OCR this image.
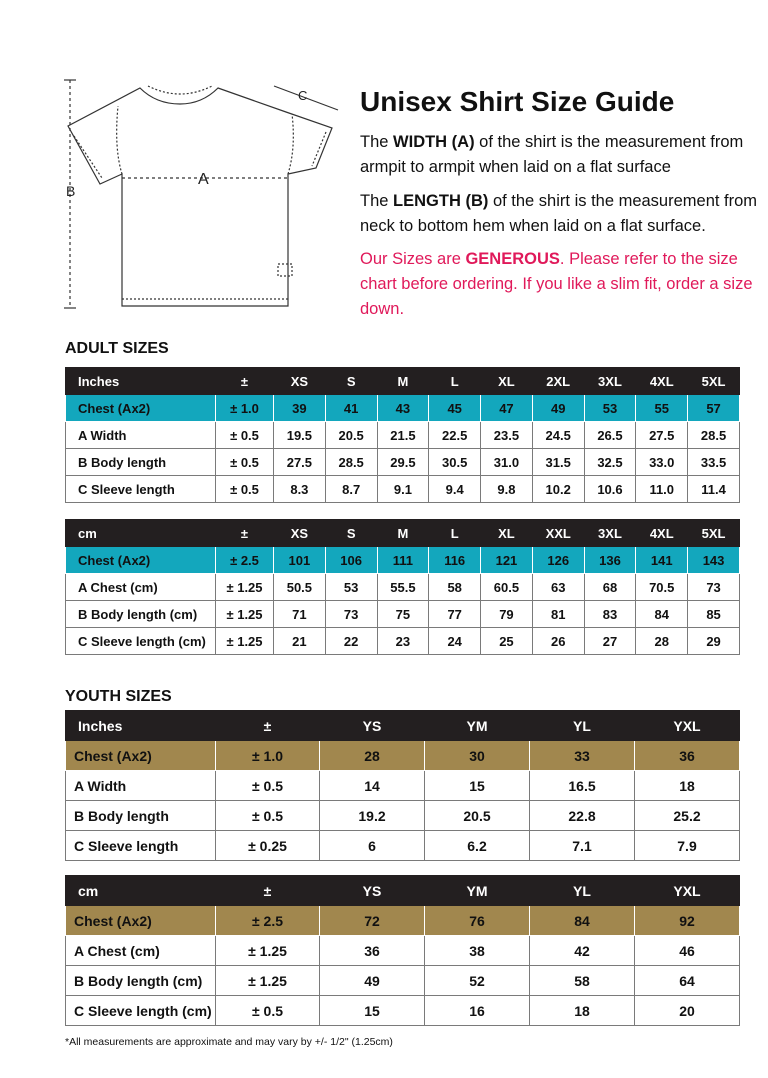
A
B
C Unisex Shirt Size Guide

The WIDTH (A) of the shirt is the measurement from armpit to armpit when laid on a flat surface

The LENGTH (B) of the shirt is the measurement from neck to bottom hem when laid on a flat surface.

Our Sizes are GENEROUS. Please refer to the size chart before ordering. If you like a slim fit, order a size down.

ADULT SIZES
Inches	±	XS	S	M	L	XL	2XL	3XL	4XL	5XL
Chest (Ax2)	± 1.0	39	41	43	45	47	49	53	55	57
A Width	± 0.5	19.5	20.5	21.5	22.5	23.5	24.5	26.5	27.5	28.5
B Body length	± 0.5	27.5	28.5	29.5	30.5	31.0	31.5	32.5	33.0	33.5
C Sleeve length	± 0.5	8.3	8.7	9.1	9.4	9.8	10.2	10.6	11.0	11.4
cm	±	XS	S	M	L	XL	XXL	3XL	4XL	5XL
Chest (Ax2)	± 2.5	101	106	111	116	121	126	136	141	143
A Chest (cm)	± 1.25	50.5	53	55.5	58	60.5	63	68	70.5	73
B Body length (cm)	± 1.25	71	73	75	77	79	81	83	84	85
C Sleeve length (cm)	± 1.25	21	22	23	24	25	26	27	28	29
YOUTH SIZES
Inches	±	YS	YM	YL	YXL
Chest (Ax2)	± 1.0	28	30	33	36
A Width	± 0.5	14	15	16.5	18
B Body length	± 0.5	19.2	20.5	22.8	25.2
C Sleeve length	± 0.25	6	6.2	7.1	7.9
cm	±	YS	YM	YL	YXL
Chest (Ax2)	± 2.5	72	76	84	92
A Chest (cm)	± 1.25	36	38	42	46
B Body length (cm)	± 1.25	49	52	58	64
C Sleeve length (cm)	± 0.5	15	16	18	20

*All measurements are approximate and may vary by +/- 1/2" (1.25cm)
